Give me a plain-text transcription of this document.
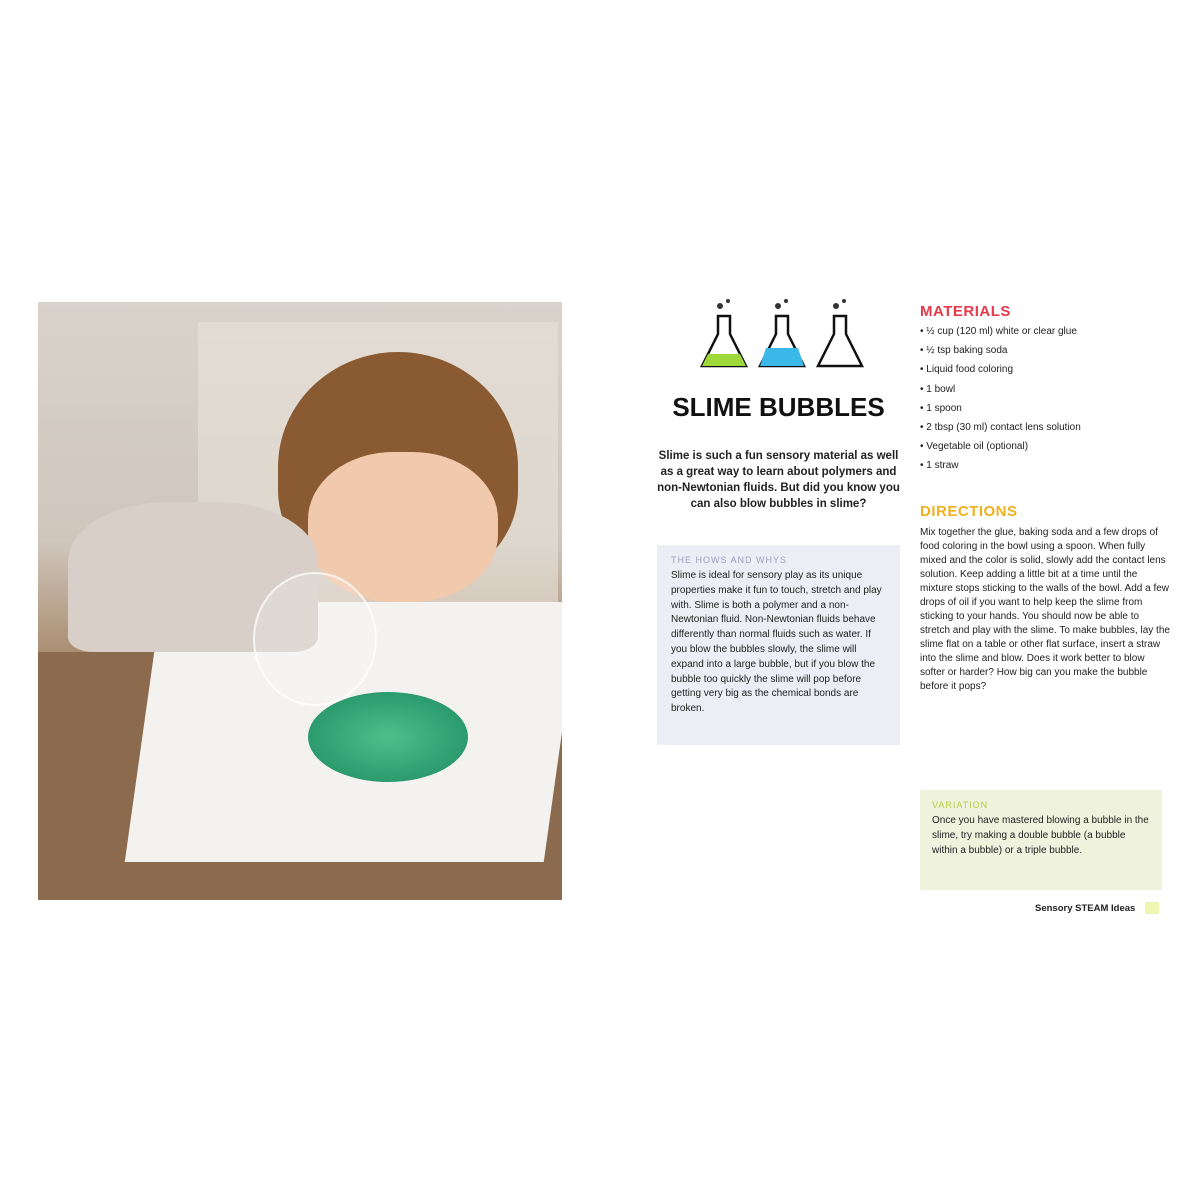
SLIME BUBBLES
Slime is such a fun sensory material as well as a great way to learn about polymers and non-Newtonian fluids. But did you know you can also blow bubbles in slime?
THE HOWS AND WHYS
Slime is ideal for sensory play as its unique properties make it fun to touch, stretch and play with. Slime is both a polymer and a non-Newtonian fluid. Non-Newtonian fluids behave differently than normal fluids such as water. If you blow the bubbles slowly, the slime will expand into a large bubble, but if you blow the bubble too quickly the slime will pop before getting very big as the chemical bonds are broken.
MATERIALS
• ½ cup (120 ml) white or clear glue
• ½ tsp baking soda
• Liquid food coloring
• 1 bowl
• 1 spoon
• 2 tbsp (30 ml) contact lens solution
• Vegetable oil (optional)
• 1 straw
DIRECTIONS
Mix together the glue, baking soda and a few drops of food coloring in the bowl using a spoon. When fully mixed and the color is solid, slowly add the contact lens solution. Keep adding a little bit at a time until the mixture stops sticking to the walls of the bowl. Add a few drops of oil if you want to help keep the slime from sticking to your hands. You should now be able to stretch and play with the slime. To make bubbles, lay the slime flat on a table or other flat surface, insert a straw into the slime and blow. Does it work better to blow softer or harder? How big can you make the bubble before it pops?
VARIATION
Once you have mastered blowing a bubble in the slime, try making a double bubble (a bubble within a bubble) or a triple bubble.
Sensory STEAM Ideas
